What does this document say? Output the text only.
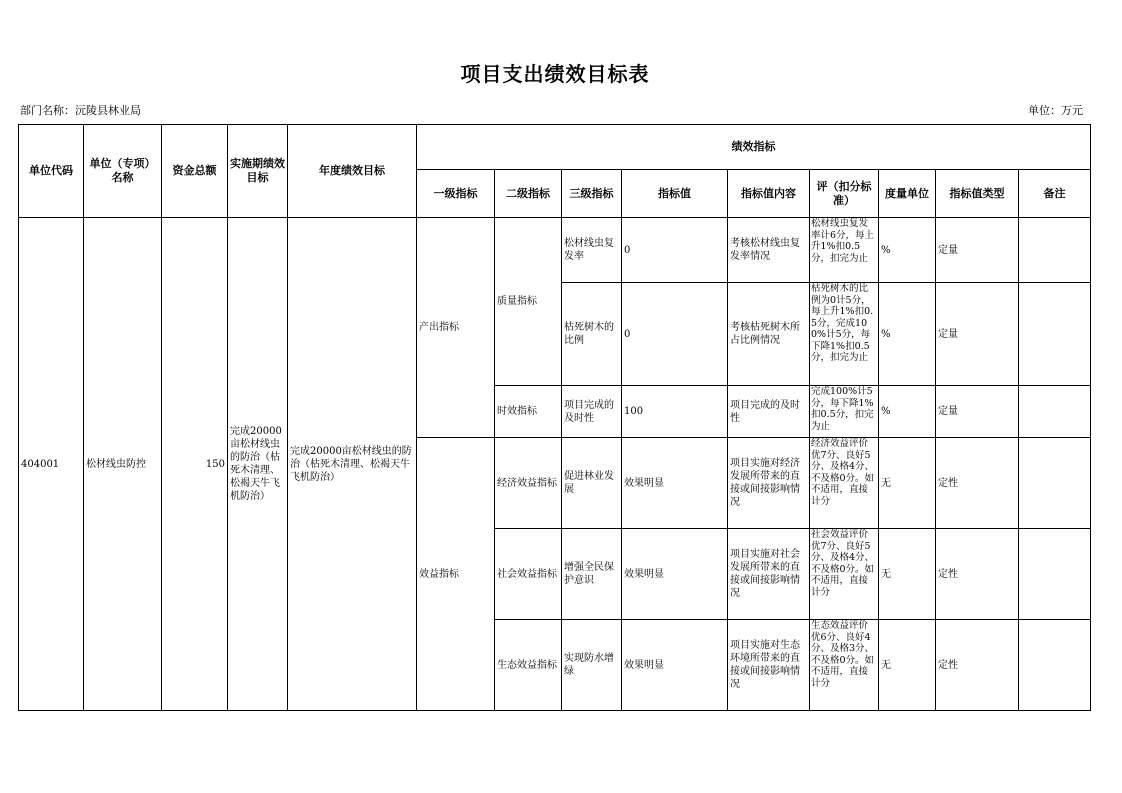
项目支出绩效目标表
部门名称：沅陵县林业局	单位：万元
单位代码	单位（专项）名称	资金总额	实施期绩效目标	年度绩效目标	绩效指标								
					一级指标	二级指标	三级指标	指标值	指标值内容	评（扣分标准）	度量单位	指标值类型	备注
404001	松材线虫防控	150	完成20000亩松材线虫的防治（枯死木清理、松褐天牛飞机防治）	完成20000亩松材线虫的防治（枯死木清理、松褐天牛飞机防治）	产出指标	质量指标	松材线虫复发率	0	考核松材线虫复发率情况	松材线虫复发率计6分，每上升1%扣0.5分，扣完为止	%	定量	
							枯死树木的比例	0	考核枯死树木所占比例情况	枯死树木的比例为0计5分，每上升1%扣0.5分，完成100%计5分，每下降1%扣0.5分，扣完为止	%	定量	
						时效指标	项目完成的及时性	100	项目完成的及时性	完成100%计5分，每下降1%扣0.5分，扣完为止	%	定量	
					效益指标	经济效益指标	促进林业发展	效果明显	项目实施对经济发展所带来的直接或间接影响情况	经济效益评价优7分、良好5分、及格4分、不及格0分。如不适用，直接计分	无	定性	
						社会效益指标	增强全民保护意识	效果明显	项目实施对社会发展所带来的直接或间接影响情况	社会效益评价优7分、良好5分、及格4分、不及格0分。如不适用，直接计分	无	定性	
						生态效益指标	实现防水增绿	效果明显	项目实施对生态环境所带来的直接或间接影响情况	生态效益评价优6分、良好4分、及格3分、不及格0分。如不适用，直接计分	无	定性	
